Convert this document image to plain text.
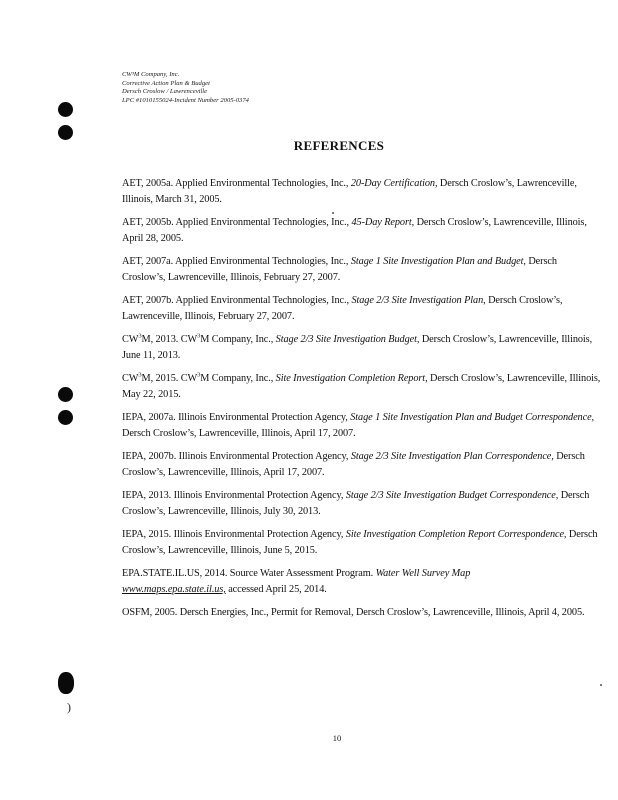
)
CW³M Company, Inc.
Corrective Action Plan & Budget
Dersch Croslow / Lawrenceville
LPC #1010155024-Incident Number 2005-0374
REFERENCES

AET, 2005a. Applied Environmental Technologies, Inc., 20-Day Certification, Dersch Croslow’s, Lawrenceville, Illinois, March 31, 2005.

AET, 2005b. Applied Environmental Technologies, Inc., 45-Day Report, Dersch Croslow’s, Lawrenceville, Illinois, April 28, 2005.

AET, 2007a. Applied Environmental Technologies, Inc., Stage 1 Site Investigation Plan and Budget, Dersch Croslow’s, Lawrenceville, Illinois, February 27, 2007.

AET, 2007b. Applied Environmental Technologies, Inc., Stage 2/3 Site Investigation Plan, Dersch Croslow’s, Lawrenceville, Illinois, February 27, 2007.

$CW^3M$, 2013. $CW^3M$ Company, Inc., Stage 2/3 Site Investigation Budget, Dersch Croslow’s, Lawrenceville, Illinois, June 11, 2013.

$CW^3M$, 2015. $CW^3M$ Company, Inc., Site Investigation Completion Report, Dersch Croslow’s, Lawrenceville, Illinois, May 22, 2015.

IEPA, 2007a. Illinois Environmental Protection Agency, Stage 1 Site Investigation Plan and Budget Correspondence, Dersch Croslow’s, Lawrenceville, Illinois, April 17, 2007.

IEPA, 2007b. Illinois Environmental Protection Agency, Stage 2/3 Site Investigation Plan Correspondence, Dersch Croslow’s, Lawrenceville, Illinois, April 17, 2007.

IEPA, 2013. Illinois Environmental Protection Agency, Stage 2/3 Site Investigation Budget Correspondence, Dersch Croslow’s, Lawrenceville, Illinois, July 30, 2013.

IEPA, 2015. Illinois Environmental Protection Agency, Site Investigation Completion Report Correspondence, Dersch Croslow’s, Lawrenceville, Illinois, June 5, 2015.

EPA.STATE.IL.US, 2014. Source Water Assessment Program. Water Well Survey Map
www.maps.epa.state.il.us, accessed April 25, 2014.

OSFM, 2005. Dersch Energies, Inc., Permit for Removal, Dersch Croslow’s, Lawrenceville, Illinois, April 4, 2005.

10
